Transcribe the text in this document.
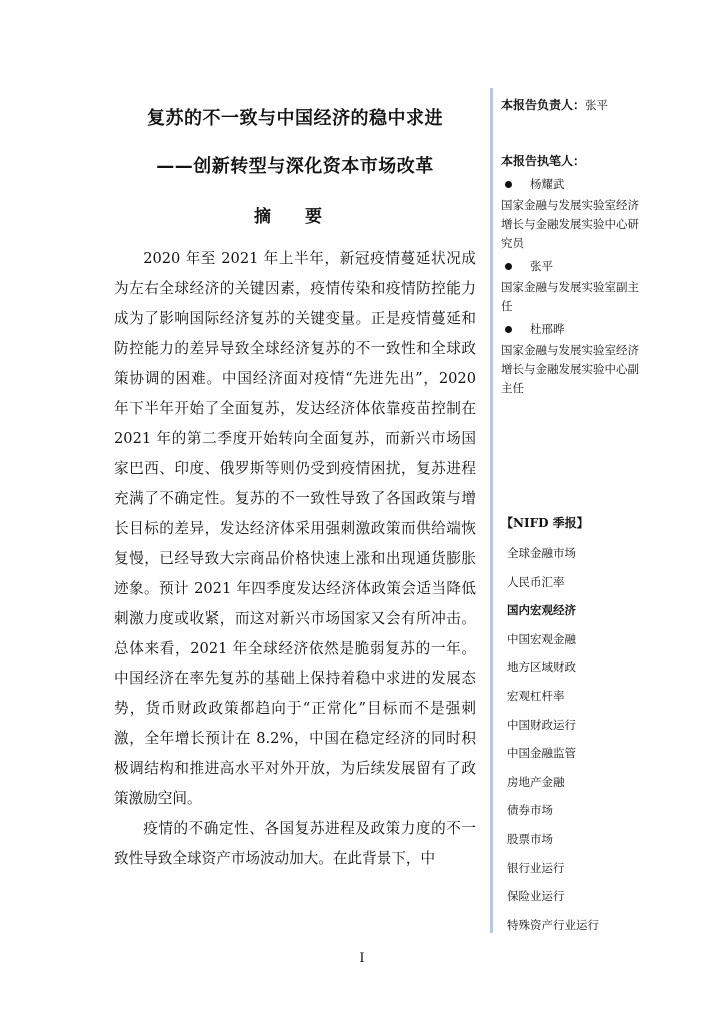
复苏的不一致与中国经济的稳中求进
——创新转型与深化资本市场改革
摘 要

2020 年至 2021 年上半年，新冠疫情蔓延状况成为左右全球经济的关键因素，疫情传染和疫情防控能力成为了影响国际经济复苏的关键变量。正是疫情蔓延和防控能力的差异导致全球经济复苏的不一致性和全球政策协调的困难。中国经济面对疫情“先进先出”，2020 年下半年开始了全面复苏，发达经济体依靠疫苗控制在 2021 年的第二季度开始转向全面复苏，而新兴市场国家巴西、印度、俄罗斯等则仍受到疫情困扰，复苏进程充满了不确定性。复苏的不一致性导致了各国政策与增长目标的差异，发达经济体采用强刺激政策而供给端恢复慢，已经导致大宗商品价格快速上涨和出现通货膨胀迹象。预计 2021 年四季度发达经济体政策会适当降低刺激力度或收紧，而这对新兴市场国家又会有所冲击。总体来看，2021 年全球经济依然是脆弱复苏的一年。中国经济在率先复苏的基础上保持着稳中求进的发展态势，货币财政政策都趋向于“正常化”目标而不是强刺激，全年增长预计在 8.2%，中国在稳定经济的同时积极调结构和推进高水平对外开放，为后续发展留有了政策激励空间。

疫情的不确定性、各国复苏进程及政策力度的不一致性导致全球资产市场波动加大。在此背景下，中

本报告负责人：张平
本报告执笔人：
杨耀武
国家金融与发展实验室经济增长与金融发展实验中心研究员
张平
国家金融与发展实验室副主任
杜邢晔
国家金融与发展实验室经济增长与金融发展实验中心副主任
【NIFD 季报】
全球金融市场
人民币汇率
国内宏观经济
中国宏观金融
地方区域财政
宏观杠杆率
中国财政运行
中国金融监管
房地产金融
债券市场
股票市场
银行业运行
保险业运行
特殊资产行业运行
I
